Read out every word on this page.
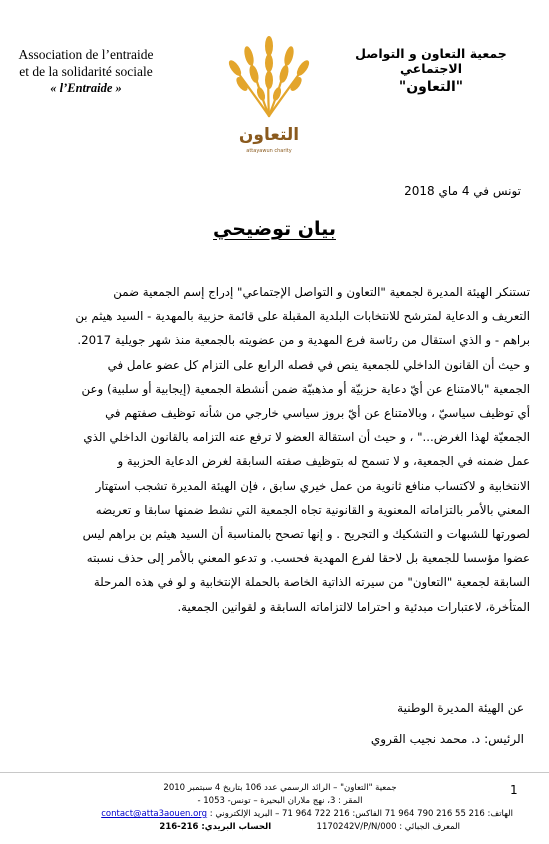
Association de l’entraide
et de la solidarité sociale
« l’Entraide »
التعاون
attayawun charity
جمعية التعاون و التواصل الاجتماعي
"التعاون"
تونس في 4 ماي 2018
بيان توضيحي
تستنكر الهيئة المديرة لجمعية "التعاون و التواصل الإجتماعي" إدراج إسم الجمعية ضمن
التعريف و الدعاية لمترشح للانتخابات البلدية المقبلة على قائمة حزبية بالمهدية - السيد هيثم بن
براهم - و الذي استقال من رئاسة فرع المهدية و من عضويته بالجمعية منذ شهر جويلية 2017.
و حيث أن القانون الداخلي للجمعية ينص في فصله الرابع على التزام كل عضو عامل في
الجمعية "بالامتناع عن أيّ دعاية حزبيّة أو مذهبيّة ضمن أنشطة الجمعية (إيجابية أو سلبية) وعن
أي توظيف سياسيّ ، وبالامتناع عن أيّ بروز سياسي خارجي من شأنه توظيف صفتهم في
الجمعيّة لهذا الغرض..." ، و حيث أن استقالة العضو لا ترفع عنه التزامه بالقانون الداخلي الذي
عمل ضمنه في الجمعية، و لا تسمح له بتوظيف صفته السابقة لغرض الدعاية الحزبية و
الانتخابية و لاكتساب منافع ثانوية من عمل خيري سابق ، فإن الهيئة المديرة تشجب استهتار
المعني بالأمر بالتزاماته المعنوية و القانونية تجاه الجمعية التي نشط ضمنها سابقا و تعريضه
لصورتها للشبهات و التشكيك و التجريح . و إنها تصحح بالمناسبة أن السيد هيثم بن براهم ليس
عضوا مؤسسا للجمعية بل لاحقا لفرع المهدية فحسب. و تدعو المعني بالأمر إلى حذف نسبته
السابقة لجمعية "التعاون" من سيرته الذاتية الخاصة بالحملة الإنتخابية و لو في هذه المرحلة
المتأخرة، لاعتبارات مبدئية و احتراما لالتزاماته السابقة و لقوانين الجمعية.
عن الهيئة المديرة الوطنية
الرئيس: د. محمد نجيب القروي
1
جمعية "التعاون" – الرائد الرسمي عدد 106 بتاريخ 4 سبتمبر 2010
المقر : 3، نهج ملاران البحيرة – تونس- 1053 -
الهاتف: 216 55 216 790 964 71 الفاكس: 216 722 964 71 – البريد الإلكتروني : contact@atta3aouen.org
المعرف الجبائي : 1170242V/P/N/000  الحساب البريدي: 216-216
